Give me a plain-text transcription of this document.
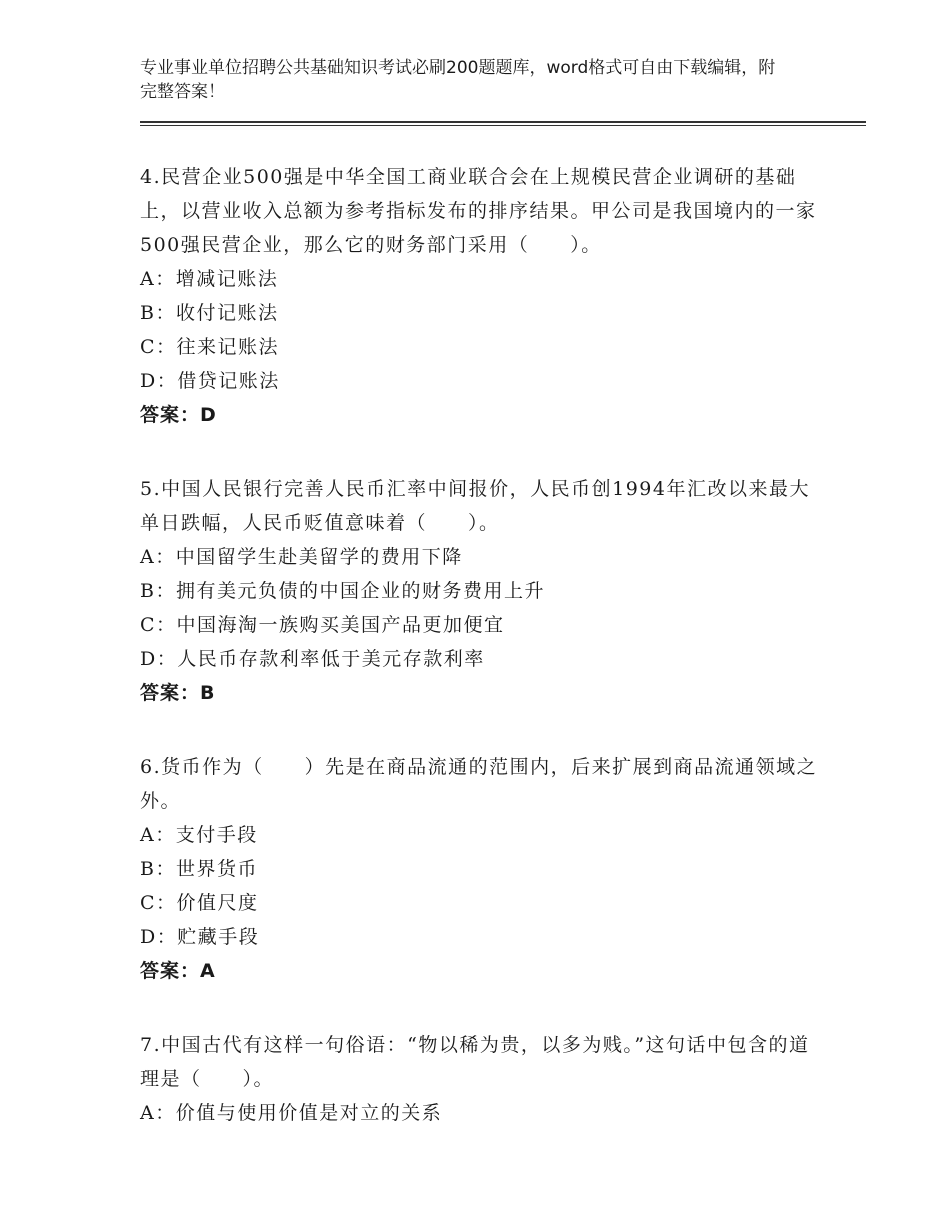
专业事业单位招聘公共基础知识考试必刷200题题库，word格式可自由下载编辑，附完整答案！
4.民营企业500强是中华全国工商业联合会在上规模民营企业调研的基础上，以营业收入总额为参考指标发布的排序结果。甲公司是我国境内的一家500强民营企业，那么它的财务部门采用（　　）。
A：增减记账法
B：收付记账法
C：往来记账法
D：借贷记账法
答案：D
5.中国人民银行完善人民币汇率中间报价，人民币创1994年汇改以来最大单日跌幅，人民币贬值意味着（　　）。
A：中国留学生赴美留学的费用下降
B：拥有美元负债的中国企业的财务费用上升
C：中国海淘一族购买美国产品更加便宜
D：人民币存款利率低于美元存款利率
答案：B
6.货币作为（　　）先是在商品流通的范围内，后来扩展到商品流通领域之外。
A：支付手段
B：世界货币
C：价值尺度
D：贮藏手段
答案：A
7.中国古代有这样一句俗语：“物以稀为贵，以多为贱。”这句话中包含的道理是（　　）。
A：价值与使用价值是对立的关系
